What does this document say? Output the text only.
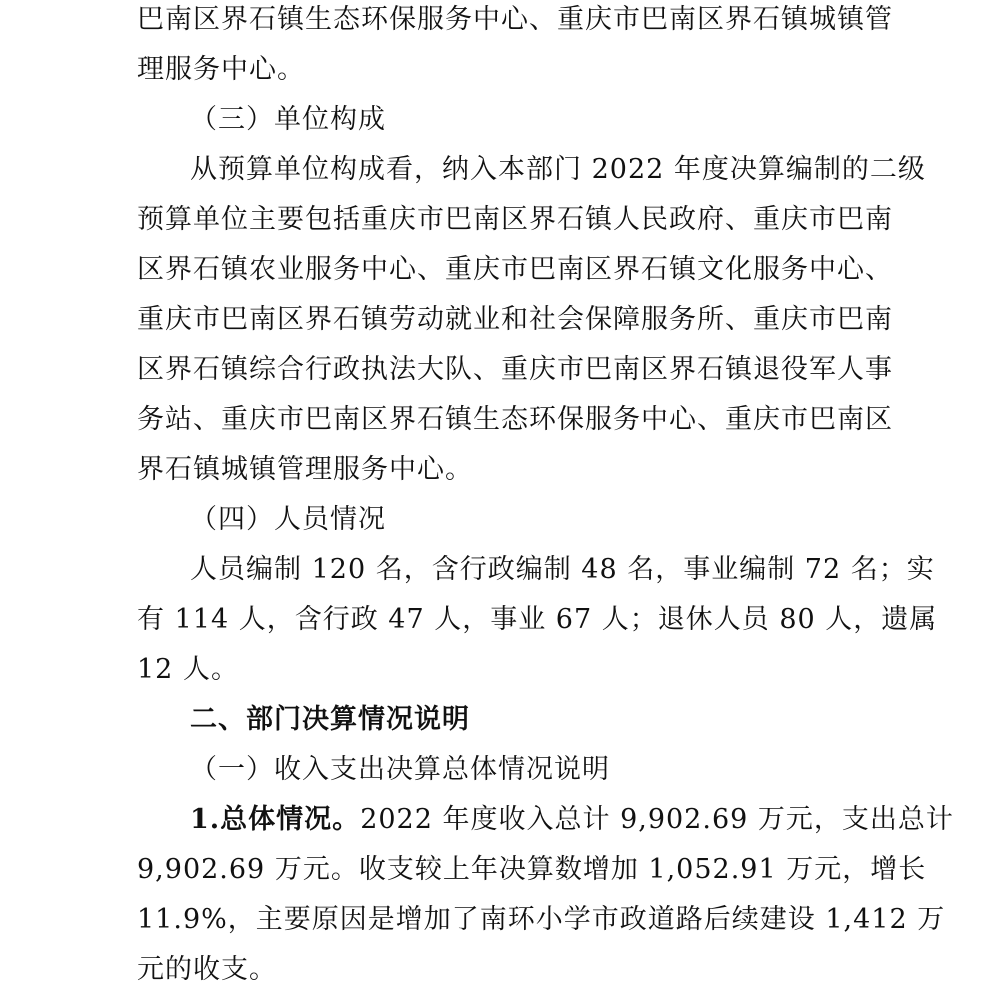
巴南区界石镇生态环保服务中心、重庆市巴南区界石镇城镇管
理服务中心。
（三）单位构成
从预算单位构成看，纳入本部门 2022 年度决算编制的二级
预算单位主要包括重庆市巴南区界石镇人民政府、重庆市巴南
区界石镇农业服务中心、重庆市巴南区界石镇文化服务中心、
重庆市巴南区界石镇劳动就业和社会保障服务所、重庆市巴南
区界石镇综合行政执法大队、重庆市巴南区界石镇退役军人事
务站、重庆市巴南区界石镇生态环保服务中心、重庆市巴南区
界石镇城镇管理服务中心。
（四）人员情况
人员编制 120 名，含行政编制 48 名，事业编制 72 名；实
有 114 人，含行政 47 人，事业 67 人；退休人员 80 人，遗属
12 人。
二、部门决算情况说明
（一）收入支出决算总体情况说明
1.总体情况。2022 年度收入总计 9,902.69 万元，支出总计
9,902.69 万元。收支较上年决算数增加 1,052.91 万元，增长
11.9%，主要原因是增加了南环小学市政道路后续建设 1,412 万
元的收支。
